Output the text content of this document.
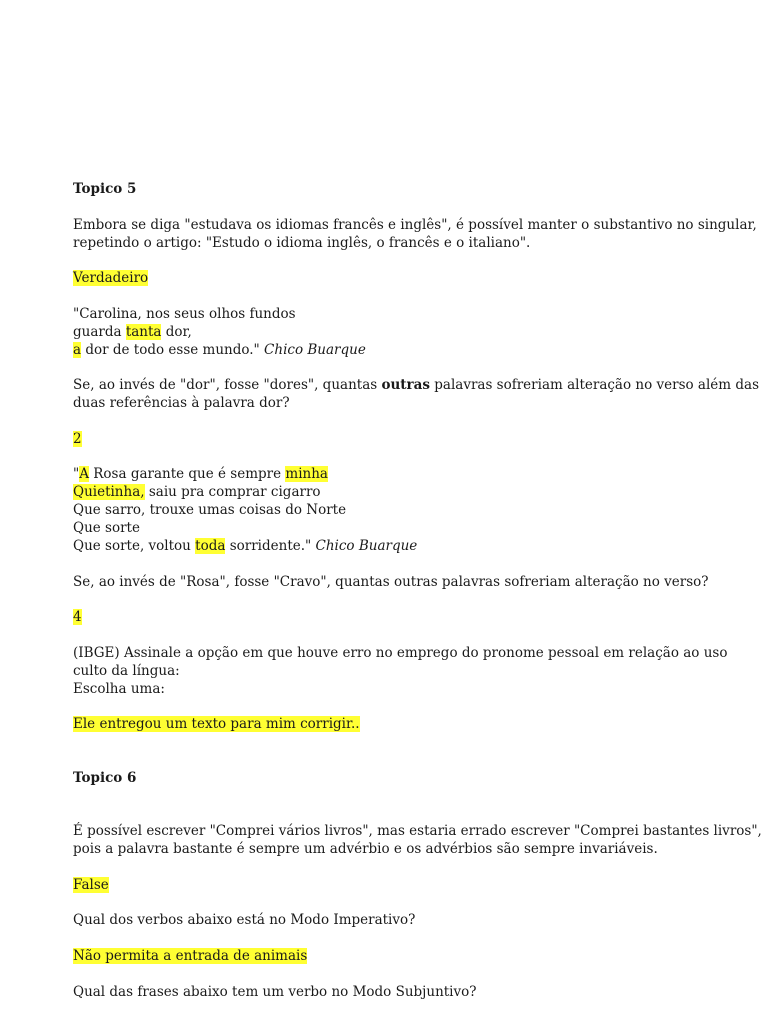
Topico 5

Embora se diga "estudava os idiomas francês e inglês", é possível manter o substantivo no singular,
repetindo o artigo: "Estudo o idioma inglês, o francês e o italiano".

Verdadeiro

"Carolina, nos seus olhos fundos
guarda tanta dor,
a dor de todo esse mundo." Chico Buarque

Se, ao invés de "dor", fosse "dores", quantas outras palavras sofreriam alteração no verso além das
duas referências à palavra dor?

2

"A Rosa garante que é sempre minha
Quietinha, saiu pra comprar cigarro
Que sarro, trouxe umas coisas do Norte
Que sorte
Que sorte, voltou toda sorridente." Chico Buarque

Se, ao invés de "Rosa", fosse "Cravo", quantas outras palavras sofreriam alteração no verso?

4

(IBGE) Assinale a opção em que houve erro no emprego do pronome pessoal em relação ao uso
culto da língua:
Escolha uma:

Ele entregou um texto para mim corrigir..

Topico 6

É possível escrever "Comprei vários livros", mas estaria errado escrever "Comprei bastantes livros",
pois a palavra bastante é sempre um advérbio e os advérbios são sempre invariáveis.

False

Qual dos verbos abaixo está no Modo Imperativo?

Não permita a entrada de animais

Qual das frases abaixo tem um verbo no Modo Subjuntivo?
